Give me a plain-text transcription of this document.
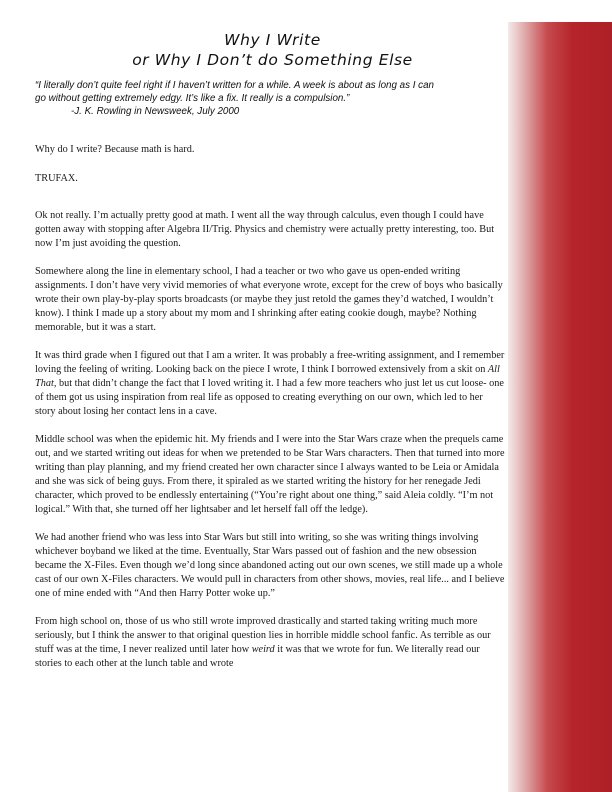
Why I Write
or Why I Don’t do Something Else
“I literally don’t quite feel right if I haven’t written for a while. A week is about as long as I can
go without getting extremely edgy. It’s like a fix. It really is a compulsion.”
-J. K. Rowling in Newsweek, July 2000

Why do I write? Because math is hard.

TRUFAX.

Ok not really. I’m actually pretty good at math. I went all the way through calculus, even though I could have gotten away with stopping after Algebra II/Trig. Physics and chemistry were actually pretty interesting, too. But now I’m just avoiding the question.

Somewhere along the line in elementary school, I had a teacher or two who gave us open-ended writing assignments. I don’t have very vivid memories of what everyone wrote, except for the crew of boys who basically wrote their own play-by-play sports broadcasts (or maybe they just retold the games they’d watched, I wouldn’t know). I think I made up a story about my mom and I shrinking after eating cookie dough, maybe? Nothing memorable, but it was a start.

It was third grade when I figured out that I am a writer. It was probably a free-writing assignment, and I remember loving the feeling of writing. Looking back on the piece I wrote, I think I borrowed extensively from a skit on All That, but that didn’t change the fact that I loved writing it. I had a few more teachers who just let us cut loose- one of them got us using inspiration from real life as opposed to creating everything on our own, which led to her story about losing her contact lens in a cave.

Middle school was when the epidemic hit. My friends and I were into the Star Wars craze when the prequels came out, and we started writing out ideas for when we pretended to be Star Wars characters. Then that turned into more writing than play planning, and my friend created her own character since I always wanted to be Leia or Amidala and she was sick of being guys. From there, it spiraled as we started writing the history for her renegade Jedi character, which proved to be endlessly entertaining (“You’re right about one thing,” said Aleia coldly. “I’m not logical.” With that, she turned off her lightsaber and let herself fall off the ledge).

We had another friend who was less into Star Wars but still into writing, so she was writing things involving whichever boyband we liked at the time. Eventually, Star Wars passed out of fashion and the new obsession became the X-Files. Even though we’d long since abandoned acting out our own scenes, we still made up a whole cast of our own X-Files characters. We would pull in characters from other shows, movies, real life... and I believe one of mine ended with “And then Harry Potter woke up.”

From high school on, those of us who still wrote improved drastically and started taking writing much more seriously, but I think the answer to that original question lies in horrible middle school fanfic. As terrible as our stuff was at the time, I never realized until later how weird it was that we wrote for fun. We literally read our stories to each other at the lunch table and wrote
